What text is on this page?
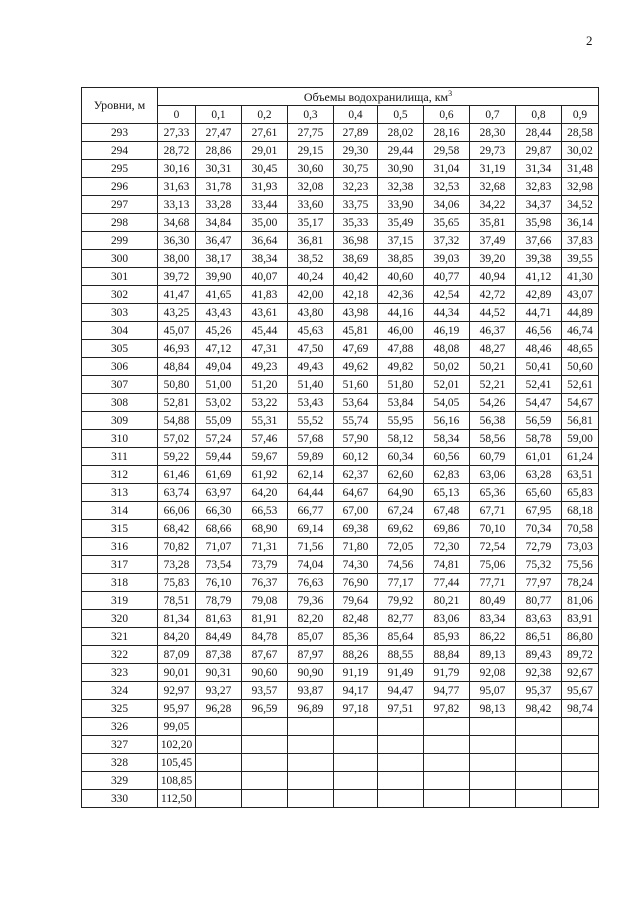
2
Уровни, м	Объемы водохранилища, $км^3$
	0	0,1	0,2	0,3	0,4	0,5	0,6	0,7	0,8	0,9
293	27,33	27,47	27,61	27,75	27,89	28,02	28,16	28,30	28,44	28,58
294	28,72	28,86	29,01	29,15	29,30	29,44	29,58	29,73	29,87	30,02
295	30,16	30,31	30,45	30,60	30,75	30,90	31,04	31,19	31,34	31,48
296	31,63	31,78	31,93	32,08	32,23	32,38	32,53	32,68	32,83	32,98
297	33,13	33,28	33,44	33,60	33,75	33,90	34,06	34,22	34,37	34,52
298	34,68	34,84	35,00	35,17	35,33	35,49	35,65	35,81	35,98	36,14
299	36,30	36,47	36,64	36,81	36,98	37,15	37,32	37,49	37,66	37,83
300	38,00	38,17	38,34	38,52	38,69	38,85	39,03	39,20	39,38	39,55
301	39,72	39,90	40,07	40,24	40,42	40,60	40,77	40,94	41,12	41,30
302	41,47	41,65	41,83	42,00	42,18	42,36	42,54	42,72	42,89	43,07
303	43,25	43,43	43,61	43,80	43,98	44,16	44,34	44,52	44,71	44,89
304	45,07	45,26	45,44	45,63	45,81	46,00	46,19	46,37	46,56	46,74
305	46,93	47,12	47,31	47,50	47,69	47,88	48,08	48,27	48,46	48,65
306	48,84	49,04	49,23	49,43	49,62	49,82	50,02	50,21	50,41	50,60
307	50,80	51,00	51,20	51,40	51,60	51,80	52,01	52,21	52,41	52,61
308	52,81	53,02	53,22	53,43	53,64	53,84	54,05	54,26	54,47	54,67
309	54,88	55,09	55,31	55,52	55,74	55,95	56,16	56,38	56,59	56,81
310	57,02	57,24	57,46	57,68	57,90	58,12	58,34	58,56	58,78	59,00
311	59,22	59,44	59,67	59,89	60,12	60,34	60,56	60,79	61,01	61,24
312	61,46	61,69	61,92	62,14	62,37	62,60	62,83	63,06	63,28	63,51
313	63,74	63,97	64,20	64,44	64,67	64,90	65,13	65,36	65,60	65,83
314	66,06	66,30	66,53	66,77	67,00	67,24	67,48	67,71	67,95	68,18
315	68,42	68,66	68,90	69,14	69,38	69,62	69,86	70,10	70,34	70,58
316	70,82	71,07	71,31	71,56	71,80	72,05	72,30	72,54	72,79	73,03
317	73,28	73,54	73,79	74,04	74,30	74,56	74,81	75,06	75,32	75,56
318	75,83	76,10	76,37	76,63	76,90	77,17	77,44	77,71	77,97	78,24
319	78,51	78,79	79,08	79,36	79,64	79,92	80,21	80,49	80,77	81,06
320	81,34	81,63	81,91	82,20	82,48	82,77	83,06	83,34	83,63	83,91
321	84,20	84,49	84,78	85,07	85,36	85,64	85,93	86,22	86,51	86,80
322	87,09	87,38	87,67	87,97	88,26	88,55	88,84	89,13	89,43	89,72
323	90,01	90,31	90,60	90,90	91,19	91,49	91,79	92,08	92,38	92,67
324	92,97	93,27	93,57	93,87	94,17	94,47	94,77	95,07	95,37	95,67
325	95,97	96,28	96,59	96,89	97,18	97,51	97,82	98,13	98,42	98,74
326	99,05									
327	102,20									
328	105,45									
329	108,85									
330	112,50									
